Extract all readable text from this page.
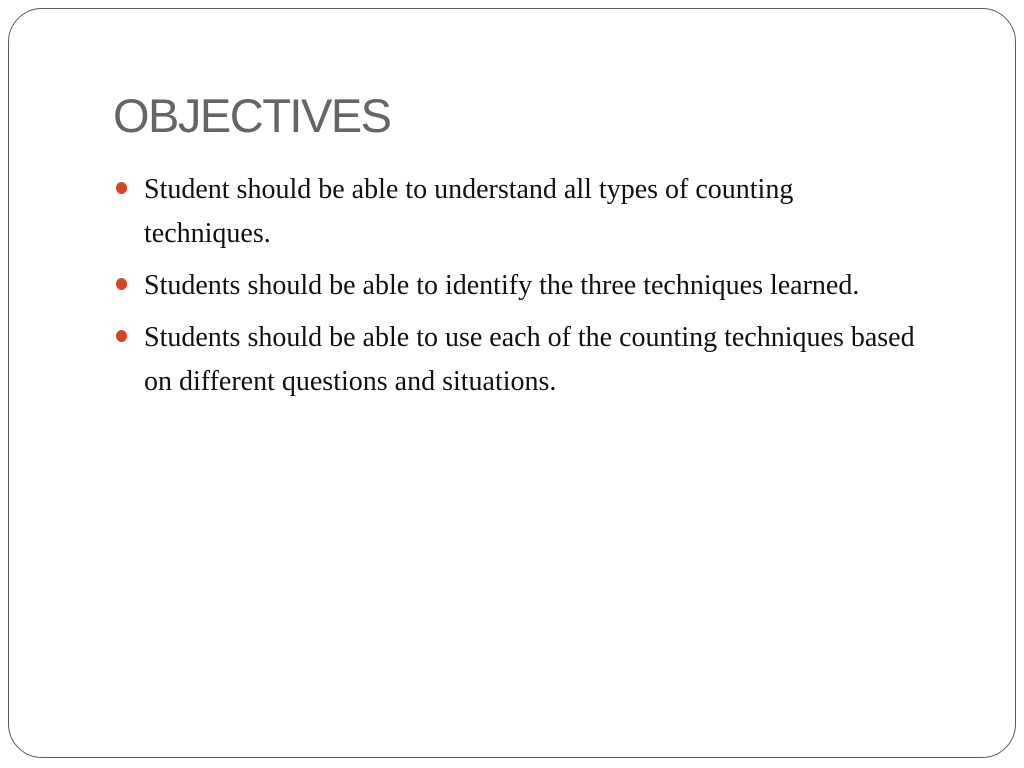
OBJECTIVES
Student should be able to understand all types of counting techniques.
Students should be able to identify the three techniques learned.
Students should be able to use each of the counting techniques based on different questions and situations.
